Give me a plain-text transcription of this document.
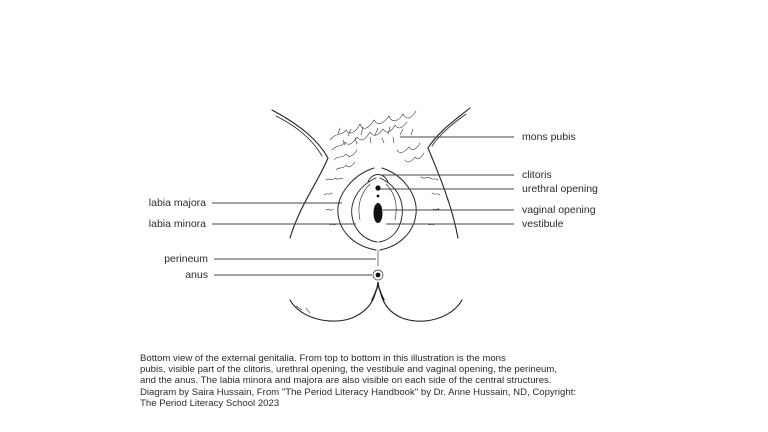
mons pubis
clitoris
urethral opening
vaginal opening
vestibule
labia majora
labia minora
perineum
anus

Bottom view of the external genitalia. From top to bottom in this illustration is the mons

pubis, visible part of the clitoris, urethral opening, the vestibule and vaginal opening, the perineum,

and the anus. The labia minora and majora are also visible on each side of the central structures.

Diagram by Saira Hussain, From "The Period Literacy Handbook" by Dr. Anne Hussain, ND, Copyright:

The Period Literacy School 2023
